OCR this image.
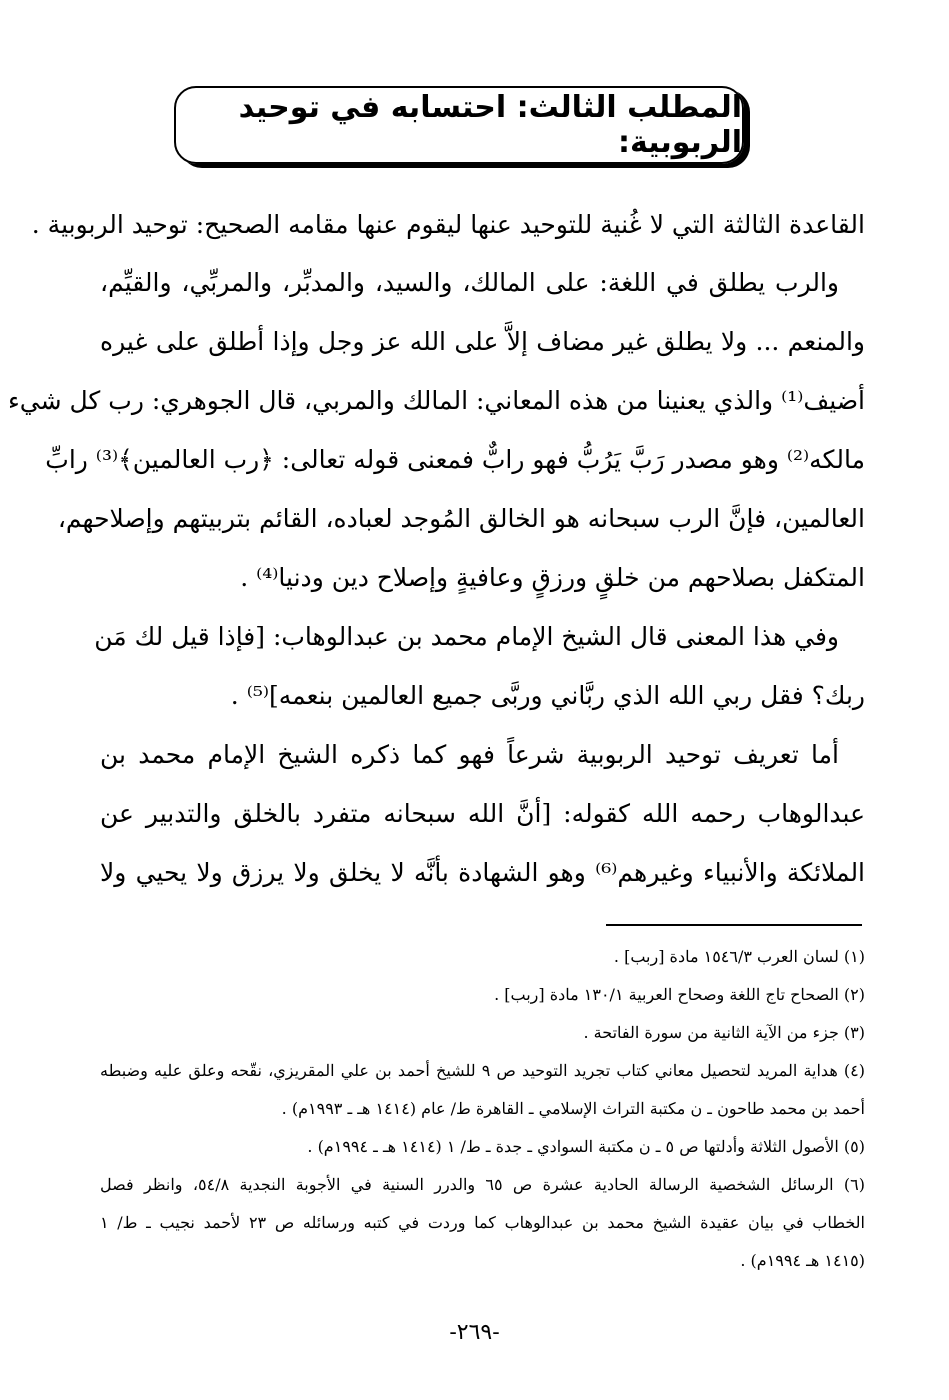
المطلب الثالث: احتسابه في توحيد الربوبية:
القاعدة الثالثة التي لا غُنية للتوحيد عنها ليقوم عنها مقامه الصحيح: توحيد الربوبية .
والرب يطلق في اللغة: على المالك، والسيد، والمدبِّر، والمربِّي، والقيِّم،
والمنعم ... ولا يطلق غير مضاف إلاَّ على الله عز وجل وإذا أطلق على غيره
أضيف⁽¹⁾ والذي يعنينا من هذه المعاني: المالك والمربي، قال الجوهري: رب كل شيء
مالكه⁽²⁾ وهو مصدر رَبَّ يَرُبُّ فهو رابٌّ فمعنى قوله تعالى: ﴿رب العالمين﴾⁽³⁾ رابِّ
العالمين، فإنَّ الرب سبحانه هو الخالق المُوجد لعباده، القائم بتربيتهم وإصلاحهم،
المتكفل بصلاحهم من خلقٍ ورزقٍ وعافيةٍ وإصلاح دين ودنيا⁽⁴⁾ .
وفي هذا المعنى قال الشيخ الإمام محمد بن عبدالوهاب: [فإذا قيل لك مَن
ربك؟ فقل ربي الله الذي ربَّاني وربَّى جميع العالمين بنعمه]⁽⁵⁾ .
أما تعريف توحيد الربوبية شرعاً فهو كما ذكره الشيخ الإمام محمد بن
عبدالوهاب رحمه الله كقوله: [أنَّ الله سبحانه متفرد بالخلق والتدبير عن
الملائكة والأنبياء وغيرهم⁽⁶⁾ وهو الشهادة بأنَّه لا يخلق ولا يرزق ولا يحيي ولا
(١) لسان العرب ١٥٤٦/٣ مادة [ربب] .
(٢) الصحاح تاج اللغة وصحاح العربية ١٣٠/١ مادة [ربب] .
(٣) جزء من الآية الثانية من سورة الفاتحة .
(٤) هداية المريد لتحصيل معاني كتاب تجريد التوحيد ص ٩ للشيخ أحمد بن علي المقريزي، نقّحه وعلق عليه وضبطه
أحمد بن محمد طاحون ـ ن مكتبة التراث الإسلامي ـ القاهرة ط/ عام (١٤١٤ هـ ـ ١٩٩٣م) .
(٥) الأصول الثلاثة وأدلتها ص ٥ ـ ن مكتبة السوادي ـ جدة ـ ط/ ١ (١٤١٤ هـ ـ ١٩٩٤م) .
(٦) الرسائل الشخصية الرسالة الحادية عشرة ص ٦٥ والدرر السنية في الأجوبة النجدية ٥٤/٨، وانظر فصل
الخطاب في بيان عقيدة الشيخ محمد بن عبدالوهاب كما وردت في كتبه ورسائله ص ٢٣ لأحمد نجيب ـ ط/ ١
(١٤١٥ هـ ١٩٩٤م) .
-٢٦٩-
